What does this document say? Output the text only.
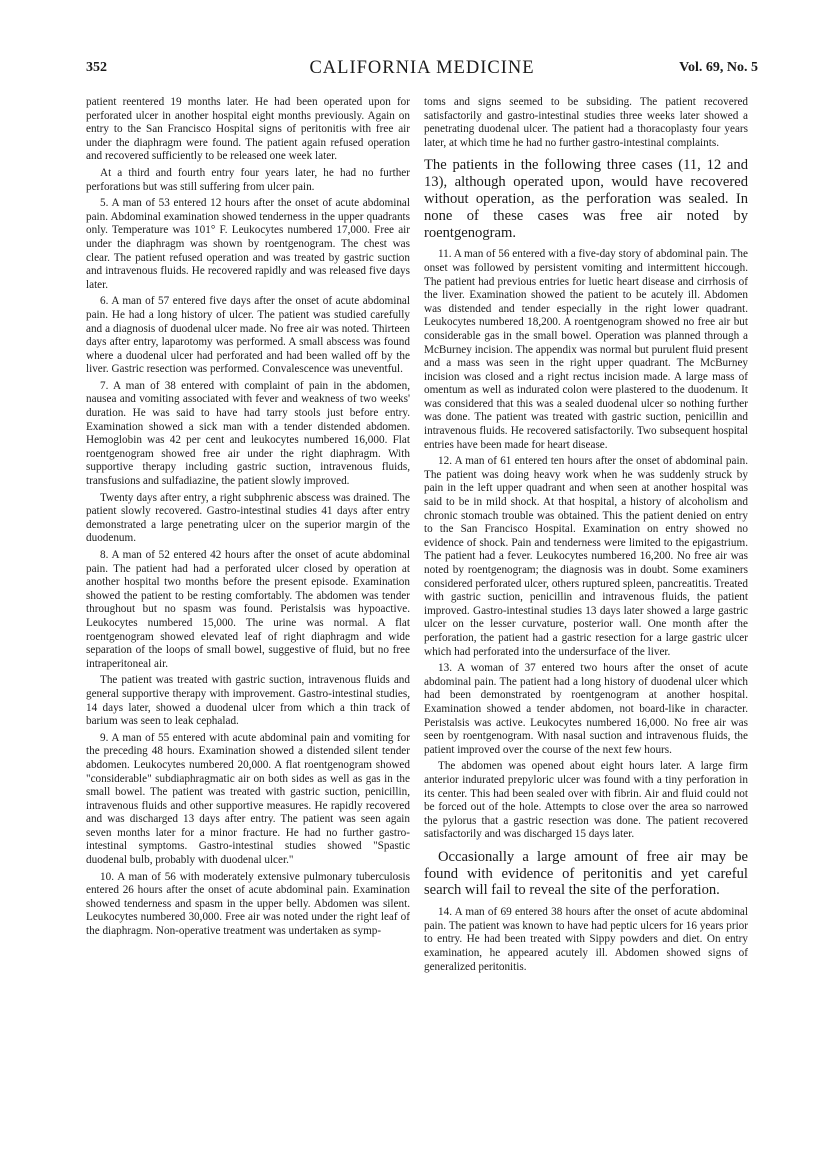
352	CALIFORNIA MEDICINE	Vol. 69, No. 5

patient reentered 19 months later. He had been operated upon for perforated ulcer in another hospital eight months previously. Again on entry to the San Francisco Hospital signs of peritonitis with free air under the diaphragm were found. The patient again refused operation and recovered sufficiently to be released one week later.

At a third and fourth entry four years later, he had no further perforations but was still suffering from ulcer pain.

5. A man of 53 entered 12 hours after the onset of acute abdominal pain. Abdominal examination showed tenderness in the upper quadrants only. Temperature was 101° F. Leukocytes numbered 17,000. Free air under the diaphragm was shown by roentgenogram. The chest was clear. The patient refused operation and was treated by gastric suction and intravenous fluids. He recovered rapidly and was released five days later.

6. A man of 57 entered five days after the onset of acute abdominal pain. He had a long history of ulcer. The patient was studied carefully and a diagnosis of duodenal ulcer made. No free air was noted. Thirteen days after entry, laparotomy was performed. A small abscess was found where a duodenal ulcer had perforated and had been walled off by the liver. Gastric resection was performed. Convalescence was uneventful.

7. A man of 38 entered with complaint of pain in the abdomen, nausea and vomiting associated with fever and weakness of two weeks' duration. He was said to have had tarry stools just before entry. Examination showed a sick man with a tender distended abdomen. Hemoglobin was 42 per cent and leukocytes numbered 16,000. Flat roentgenogram showed free air under the right diaphragm. With supportive therapy including gastric suction, intravenous fluids, transfusions and sulfadiazine, the patient slowly improved.

Twenty days after entry, a right subphrenic abscess was drained. The patient slowly recovered. Gastro-intestinal studies 41 days after entry demonstrated a large penetrating ulcer on the superior margin of the duodenum.

8. A man of 52 entered 42 hours after the onset of acute abdominal pain. The patient had had a perforated ulcer closed by operation at another hospital two months before the present episode. Examination showed the patient to be resting comfortably. The abdomen was tender throughout but no spasm was found. Peristalsis was hypoactive. Leukocytes numbered 15,000. The urine was normal. A flat roentgenogram showed elevated leaf of right diaphragm and wide separation of the loops of small bowel, suggestive of fluid, but no free intraperitoneal air.

The patient was treated with gastric suction, intravenous fluids and general supportive therapy with improvement. Gastro-intestinal studies, 14 days later, showed a duodenal ulcer from which a thin track of barium was seen to leak cephalad.

9. A man of 55 entered with acute abdominal pain and vomiting for the preceding 48 hours. Examination showed a distended silent tender abdomen. Leukocytes numbered 20,000. A flat roentgenogram showed "considerable" subdiaphragmatic air on both sides as well as gas in the small bowel. The patient was treated with gastric suction, penicillin, intravenous fluids and other supportive measures. He rapidly recovered and was discharged 13 days after entry. The patient was seen again seven months later for a minor fracture. He had no further gastro-intestinal symptoms. Gastro-intestinal studies showed "Spastic duodenal bulb, probably with duodenal ulcer."

10. A man of 56 with moderately extensive pulmonary tuberculosis entered 26 hours after the onset of acute abdominal pain. Examination showed tenderness and spasm in the upper belly. Abdomen was silent. Leukocytes numbered 30,000. Free air was noted under the right leaf of the diaphragm. Non-operative treatment was undertaken as symp-

toms and signs seemed to be subsiding. The patient recovered satisfactorily and gastro-intestinal studies three weeks later showed a penetrating duodenal ulcer. The patient had a thoracoplasty four years later, at which time he had no further gastro-intestinal complaints.

The patients in the following three cases (11, 12 and 13), although operated upon, would have recovered without operation, as the perforation was sealed. In none of these cases was free air noted by roentgenogram.

11. A man of 56 entered with a five-day story of abdominal pain. The onset was followed by persistent vomiting and intermittent hiccough. The patient had previous entries for luetic heart disease and cirrhosis of the liver. Examination showed the patient to be acutely ill. Abdomen was distended and tender especially in the right lower quadrant. Leukocytes numbered 18,200. A roentgenogram showed no free air but considerable gas in the small bowel. Operation was planned through a McBurney incision. The appendix was normal but purulent fluid present and a mass was seen in the right upper quadrant. The McBurney incision was closed and a right rectus incision made. A large mass of omentum as well as indurated colon were plastered to the duodenum. It was considered that this was a sealed duodenal ulcer so nothing further was done. The patient was treated with gastric suction, penicillin and intravenous fluids. He recovered satisfactorily. Two subsequent hospital entries have been made for heart disease.

12. A man of 61 entered ten hours after the onset of abdominal pain. The patient was doing heavy work when he was suddenly struck by pain in the left upper quadrant and when seen at another hospital was said to be in mild shock. At that hospital, a history of alcoholism and chronic stomach trouble was obtained. This the patient denied on entry to the San Francisco Hospital. Examination on entry showed no evidence of shock. Pain and tenderness were limited to the epigastrium. The patient had a fever. Leukocytes numbered 16,200. No free air was noted by roentgenogram; the diagnosis was in doubt. Some examiners considered perforated ulcer, others ruptured spleen, pancreatitis. Treated with gastric suction, penicillin and intravenous fluids, the patient improved. Gastro-intestinal studies 13 days later showed a large gastric ulcer on the lesser curvature, posterior wall. One month after the perforation, the patient had a gastric resection for a large gastric ulcer which had perforated into the undersurface of the liver.

13. A woman of 37 entered two hours after the onset of acute abdominal pain. The patient had a long history of duodenal ulcer which had been demonstrated by roentgenogram at another hospital. Examination showed a tender abdomen, not board-like in character. Peristalsis was active. Leukocytes numbered 16,000. No free air was seen by roentgenogram. With nasal suction and intravenous fluids, the patient improved over the course of the next few hours.

The abdomen was opened about eight hours later. A large firm anterior indurated prepyloric ulcer was found with a tiny perforation in its center. This had been sealed over with fibrin. Air and fluid could not be forced out of the hole. Attempts to close over the area so narrowed the pylorus that a gastric resection was done. The patient recovered satisfactorily and was discharged 15 days later.

Occasionally a large amount of free air may be found with evidence of peritonitis and yet careful search will fail to reveal the site of the perforation.

14. A man of 69 entered 38 hours after the onset of acute abdominal pain. The patient was known to have had peptic ulcers for 16 years prior to entry. He had been treated with Sippy powders and diet. On entry examination, he appeared acutely ill. Abdomen showed signs of generalized peritonitis.
